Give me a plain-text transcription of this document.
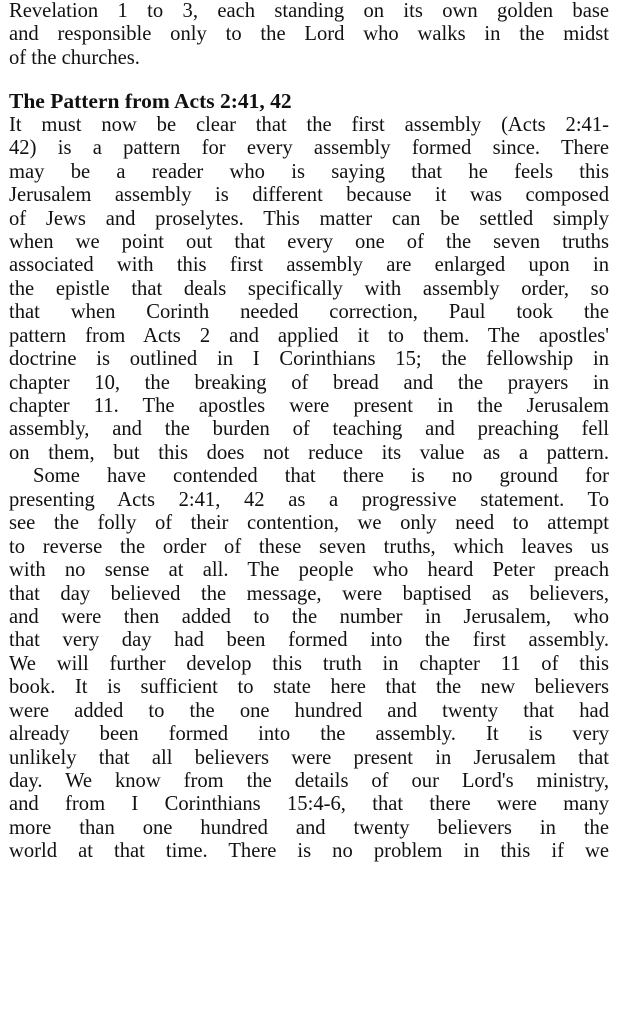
Revelation 1 to 3, each standing on its own golden base
and responsible only to the Lord who walks in the midst
of the churches.
The Pattern from Acts 2:41, 42
It must now be clear that the first assembly (Acts 2:41-
42) is a pattern for every assembly formed since. There
may be a reader who is saying that he feels this
Jerusalem assembly is different because it was composed
of Jews and proselytes. This matter can be settled simply
when we point out that every one of the seven truths
associated with this first assembly are enlarged upon in
the epistle that deals specifically with assembly order, so
that when Corinth needed correction, Paul took the
pattern from Acts 2 and applied it to them. The apostles'
doctrine is outlined in I Corinthians 15; the fellowship in
chapter 10, the breaking of bread and the prayers in
chapter 11. The apostles were present in the Jerusalem
assembly, and the burden of teaching and preaching fell
on them, but this does not reduce its value as a pattern.
Some have contended that there is no ground for
presenting Acts 2:41, 42 as a progressive statement. To
see the folly of their contention, we only need to attempt
to reverse the order of these seven truths, which leaves us
with no sense at all. The people who heard Peter preach
that day believed the message, were baptised as believers,
and were then added to the number in Jerusalem, who
that very day had been formed into the first assembly.
We will further develop this truth in chapter 11 of this
book. It is sufficient to state here that the new believers
were added to the one hundred and twenty that had
already been formed into the assembly. It is very
unlikely that all believers were present in Jerusalem that
day. We know from the details of our Lord's ministry,
and from I Corinthians 15:4-6, that there were many
more than one hundred and twenty believers in the
world at that time. There is no problem in this if we
